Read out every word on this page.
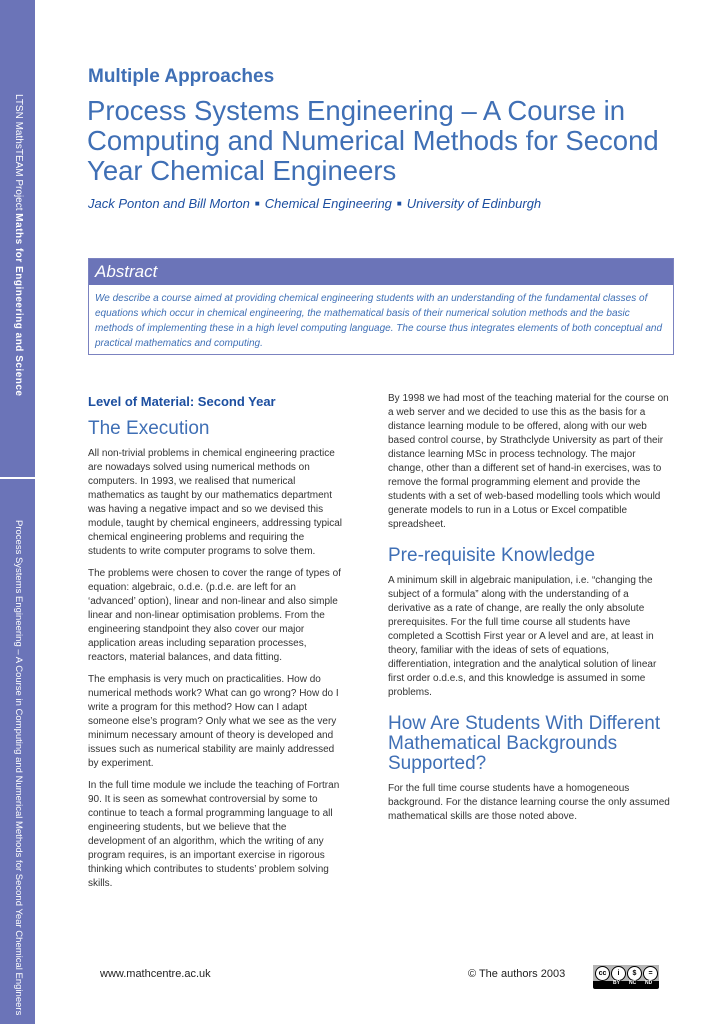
LTSN MathsTEAM Project Maths for Engineering and Science
Process Systems Engineering – A Course in Computing and Numerical Methods for Second Year Chemical Engineers
Multiple Approaches
Process Systems Engineering – A Course in Computing and Numerical Methods for Second Year Chemical Engineers
Jack Ponton and Bill Morton ■ Chemical Engineering ■ University of Edinburgh
Abstract
We describe a course aimed at providing chemical engineering students with an understanding of the fundamental classes of equations which occur in chemical engineering, the mathematical basis of their numerical solution methods and the basic methods of implementing these in a high level computing language. The course thus integrates elements of both conceptual and practical mathematics and computing.
Level of Material: Second Year
The Execution

All non-trivial problems in chemical engineering practice are nowadays solved using numerical methods on computers. In 1993, we realised that numerical mathematics as taught by our mathematics department was having a negative impact and so we devised this module, taught by chemical engineers, addressing typical chemical engineering problems and requiring the students to write computer programs to solve them.

The problems were chosen to cover the range of types of equation: algebraic, o.d.e. (p.d.e. are left for an ‘advanced’ option), linear and non-linear and also simple linear and non-linear optimisation problems. From the engineering standpoint they also cover our major application areas including separation processes, reactors, material balances, and data fitting.

The emphasis is very much on practicalities. How do numerical methods work? What can go wrong? How do I write a program for this method? How can I adapt someone else’s program? Only what we see as the very minimum necessary amount of theory is developed and issues such as numerical stability are mainly addressed by experiment.

In the full time module we include the teaching of Fortran 90. It is seen as somewhat controversial by some to continue to teach a formal programming language to all engineering students, but we believe that the development of an algorithm, which the writing of any program requires, is an important exercise in rigorous thinking which contributes to students’ problem solving skills.

By 1998 we had most of the teaching material for the course on a web server and we decided to use this as the basis for a distance learning module to be offered, along with our web based control course, by Strathclyde University as part of their distance learning MSc in process technology. The major change, other than a different set of hand-in exercises, was to remove the formal programming element and provide the students with a set of web-based modelling tools which would generate models to run in a Lotus or Excel compatible spreadsheet.

Pre-requisite Knowledge

A minimum skill in algebraic manipulation, i.e. “changing the subject of a formula” along with the understanding of a derivative as a rate of change, are really the only absolute prerequisites. For the full time course all students have completed a Scottish First year or A level and are, at least in theory, familiar with the ideas of sets of equations, differentiation, integration and the analytical solution of linear first order o.d.e.s, and this knowledge is assumed in some problems.

How Are Students With Different Mathematical Backgrounds Supported?

For the full time course students have a homogeneous background. For the distance learning course the only assumed mathematical skills are those noted above.

www.mathcentre.ac.uk	© The authors 2003	cc	i	$	=
BY NC ND
